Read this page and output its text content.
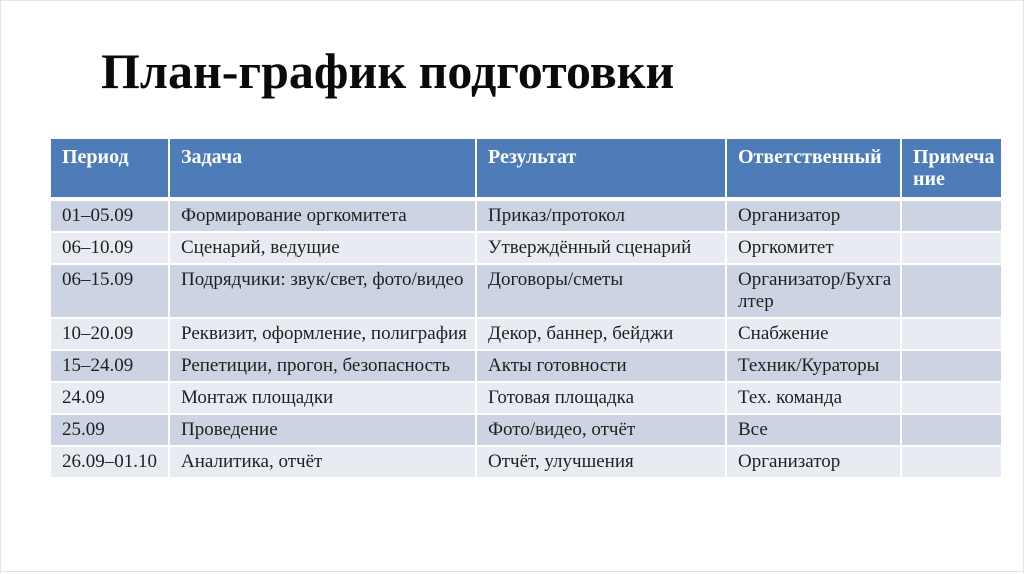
План-график подготовки
Период	Задача	Результат	Ответственный	Примечание
01–05.09	Формирование оргкомитета	Приказ/протокол	Организатор	
06–10.09	Сценарий, ведущие	Утверждённый сценарий	Оргкомитет	
06–15.09	Подрядчики: звук/свет, фото/видео	Договоры/сметы	Организатор/Бухгалтер	
10–20.09	Реквизит, оформление, полиграфия	Декор, баннер, бейджи	Снабжение	
15–24.09	Репетиции, прогон, безопасность	Акты готовности	Техник/Кураторы	
24.09	Монтаж площадки	Готовая площадка	Тех. команда	
25.09	Проведение	Фото/видео, отчёт	Все	
26.09–01.10	Аналитика, отчёт	Отчёт, улучшения	Организатор	
